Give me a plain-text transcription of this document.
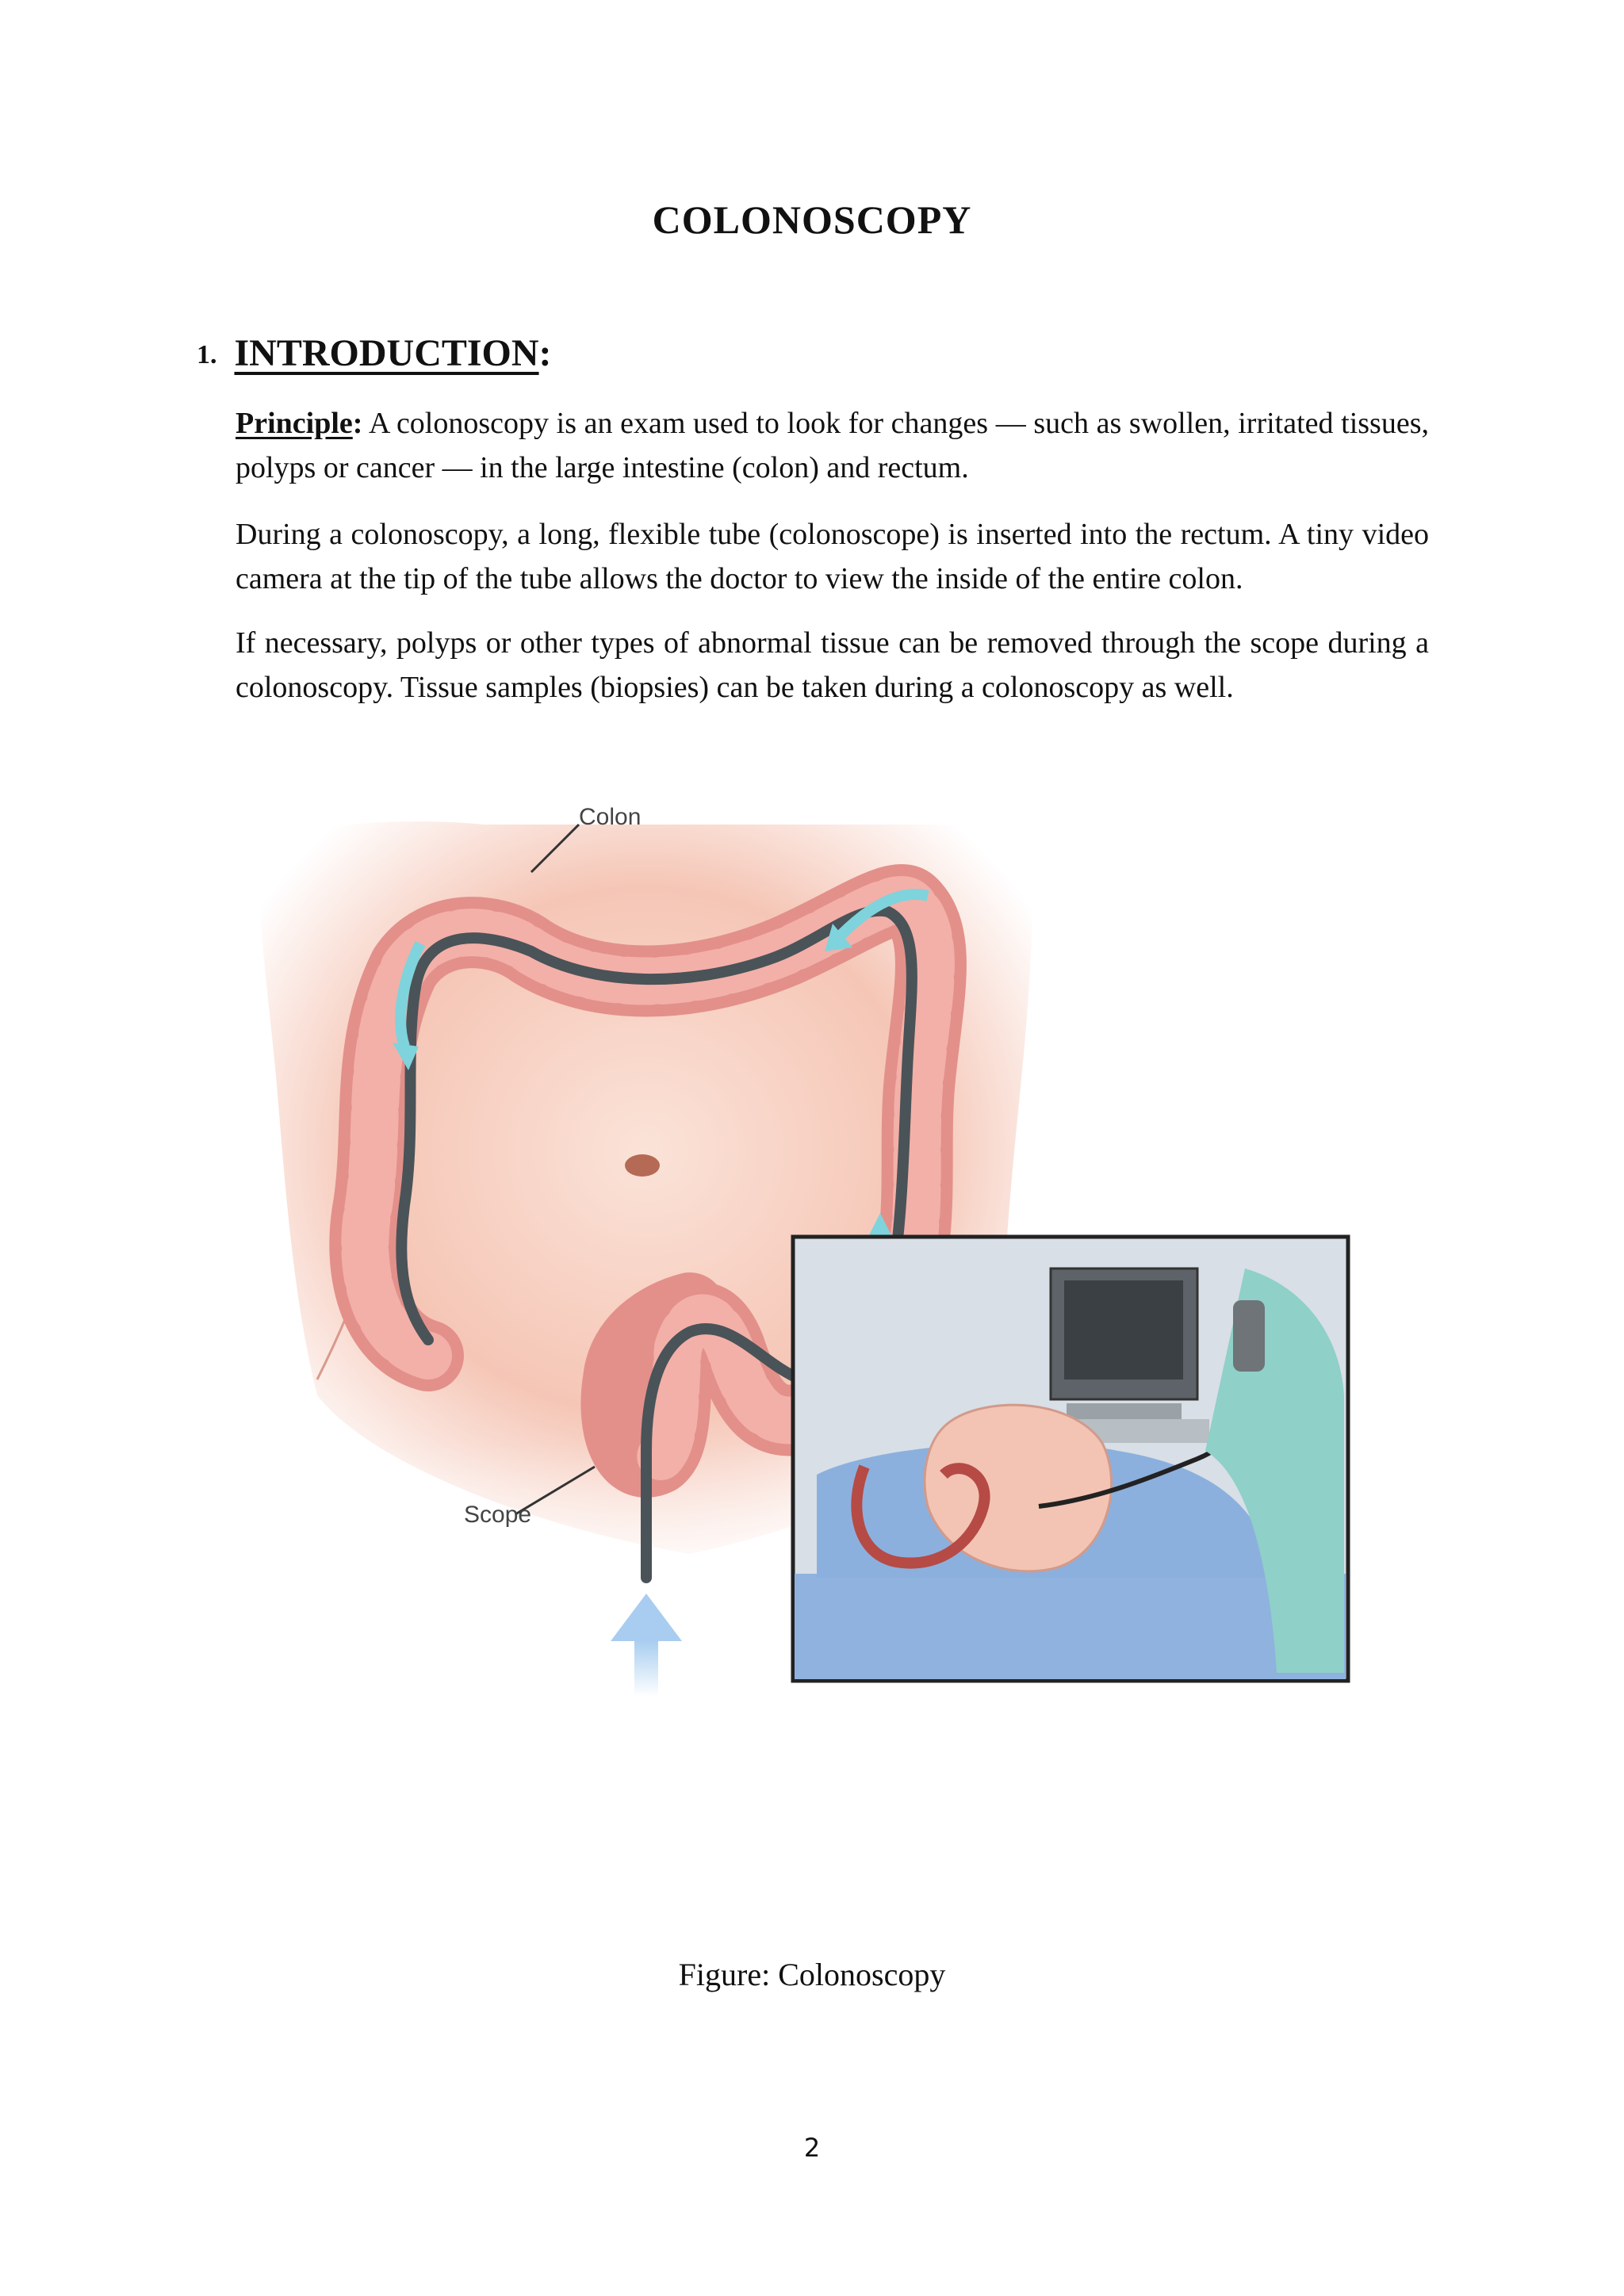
COLONOSCOPY
1. INTRODUCTION:

Principle: A colonoscopy is an exam used to look for changes — such as swollen, irritated tissues, polyps or cancer — in the large intestine (colon) and rectum.

During a colonoscopy, a long, flexible tube (colonoscope) is inserted into the rectum. A tiny video camera at the tip of the tube allows the doctor to view the inside of the entire colon.

If necessary, polyps or other types of abnormal tissue can be removed through the scope during a colonoscopy. Tissue samples (biopsies) can be taken during a colonoscopy as well.

Colon
Scope
Figure: Colonoscopy
2
